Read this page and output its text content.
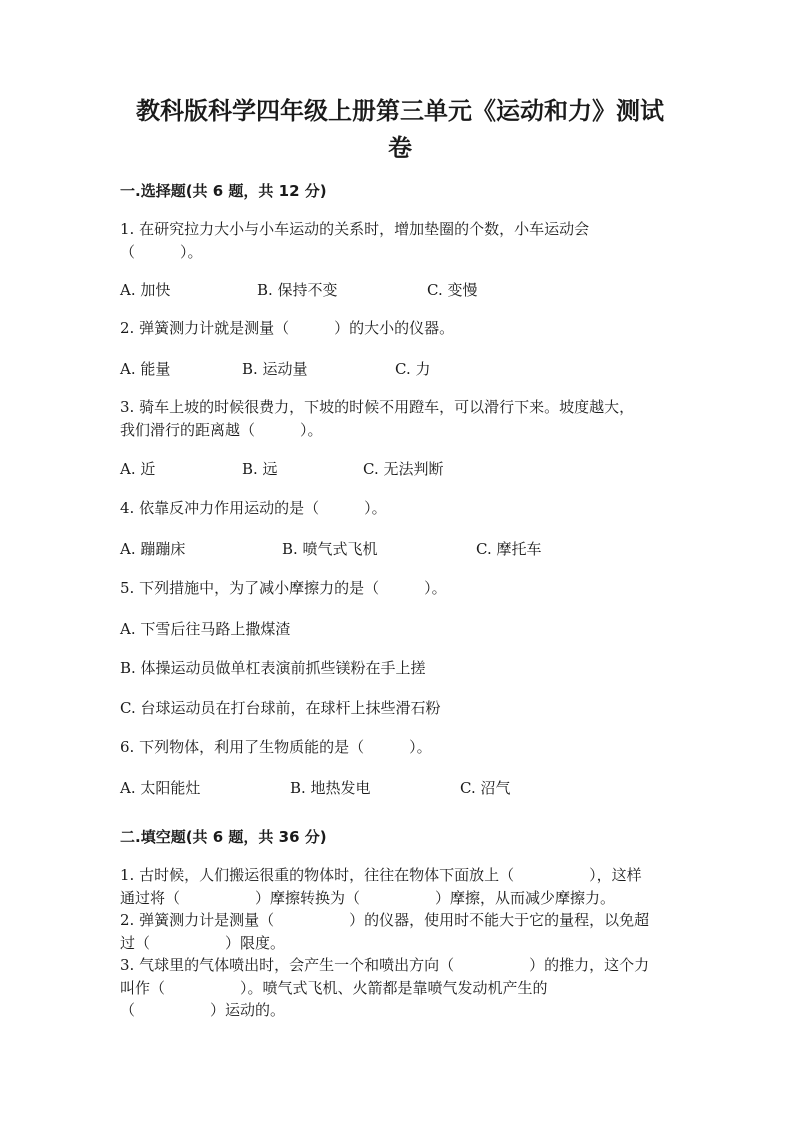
教科版科学四年级上册第三单元《运动和力》测试
卷
一.选择题(共 6 题，共 12 分)
1. 在研究拉力大小与小车运动的关系时，增加垫圈的个数，小车运动会
（　　　）。
A. 加快	B. 保持不变	C. 变慢
2. 弹簧测力计就是测量（　　　）的大小的仪器。
A. 能量	B. 运动量	C. 力
3. 骑车上坡的时候很费力，下坡的时候不用蹬车，可以滑行下来。坡度越大，
我们滑行的距离越（　　　）。
A. 近	B. 远	C. 无法判断
4. 依靠反冲力作用运动的是（　　　）。
A. 蹦蹦床	B. 喷气式飞机	C. 摩托车
5. 下列措施中，为了减小摩擦力的是（　　　）。
A. 下雪后往马路上撒煤渣
B. 体操运动员做单杠表演前抓些镁粉在手上搓
C. 台球运动员在打台球前，在球杆上抹些滑石粉
6. 下列物体，利用了生物质能的是（　　　）。
A. 太阳能灶	B. 地热发电	C. 沼气
二.填空题(共 6 题，共 36 分)

1. 古时候，人们搬运很重的物体时，往往在物体下面放上（　　　　　），这样

通过将（　　　　　）摩擦转换为（　　　　　）摩擦，从而减少摩擦力。

2. 弹簧测力计是测量（　　　　　）的仪器，使用时不能大于它的量程，以免超

过（　　　　　）限度。

3. 气球里的气体喷出时，会产生一个和喷出方向（　　　　　）的推力，这个力

叫作（　　　　　）。喷气式飞机、火箭都是靠喷气发动机产生的

（　　　　　）运动的。
